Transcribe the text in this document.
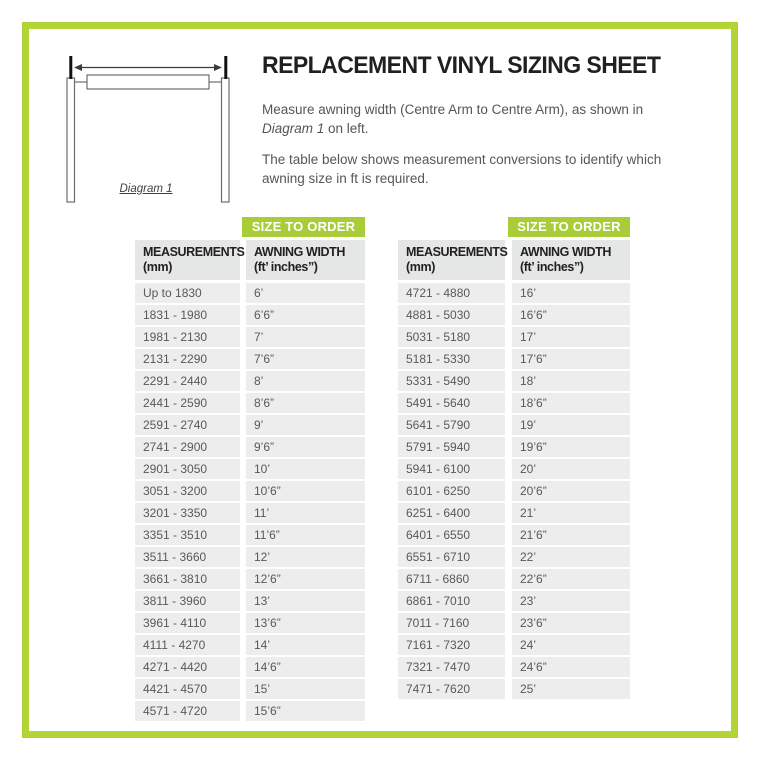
Diagram 1
REPLACEMENT VINYL SIZING SHEET

Measure awning width (Centre Arm to Centre Arm), as shown in
Diagram 1 on left.

The table below shows measurement conversions to identify which
awning size in ft is required.

SIZE TO ORDER
MEASUREMENTS
(mm)
AWNING WIDTH
(ft’ inches”)
Up to 1830	6’
1831 - 1980	6’6”
1981 - 2130	7’
2131 - 2290	7’6”
2291 - 2440	8’
2441 - 2590	8’6”
2591 - 2740	9’
2741 - 2900	9’6”
2901 - 3050	10’
3051 - 3200	10’6”
3201 - 3350	11’
3351 - 3510	11’6”
3511 - 3660	12’
3661 - 3810	12’6”
3811 - 3960	13’
3961 - 4110	13’6”
4111 - 4270	14’
4271 - 4420	14’6”
4421 - 4570	15’
4571 - 4720	15’6”
SIZE TO ORDER
MEASUREMENTS
(mm)
AWNING WIDTH
(ft’ inches”)
4721 - 4880	16’
4881 - 5030	16’6”
5031 - 5180	17’
5181 - 5330	17’6”
5331 - 5490	18’
5491 - 5640	18’6”
5641 - 5790	19’
5791 - 5940	19’6”
5941 - 6100	20’
6101 - 6250	20’6”
6251 - 6400	21’
6401 - 6550	21’6”
6551 - 6710	22’
6711 - 6860	22’6”
6861 - 7010	23’
7011 - 7160	23’6”
7161 - 7320	24’
7321 - 7470	24’6”
7471 - 7620	25’
